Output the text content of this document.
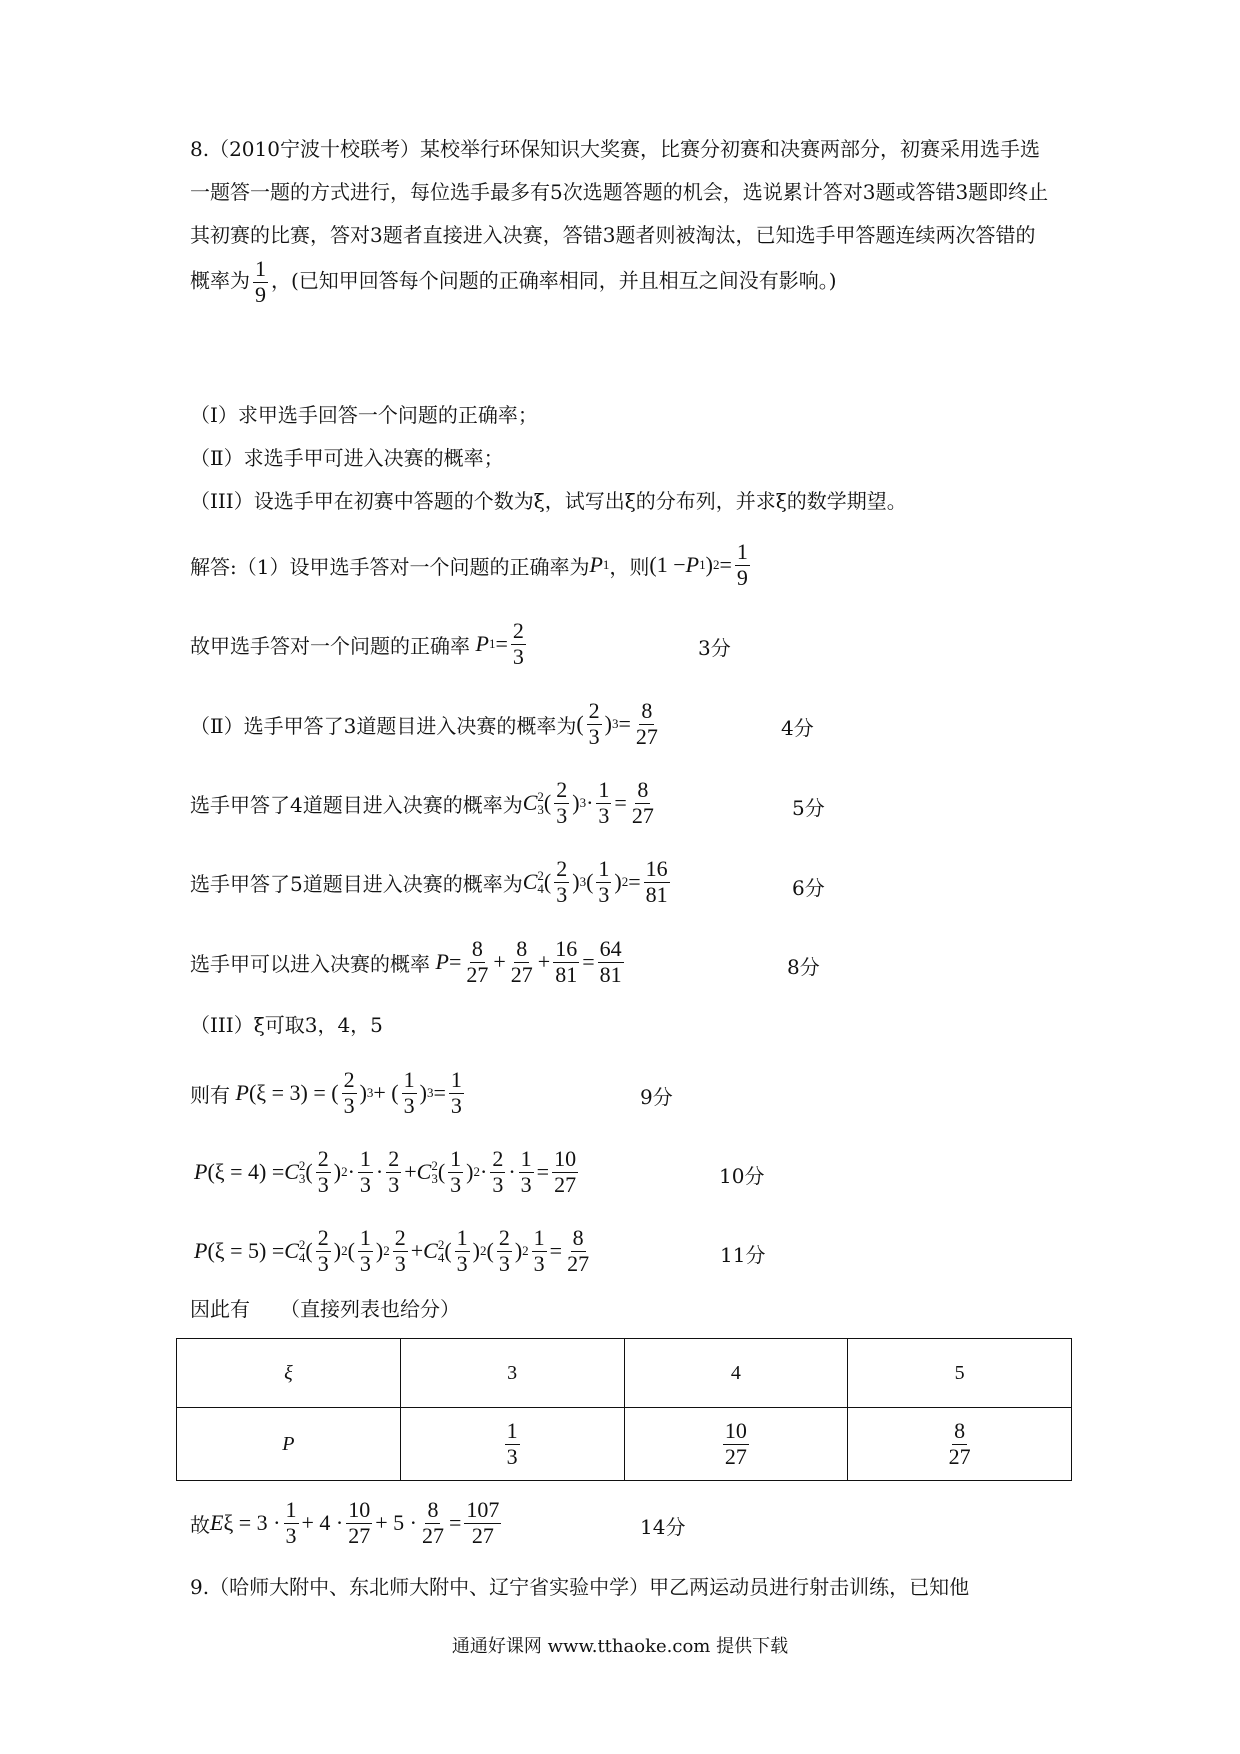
8.（2010宁波十校联考）某校举行环保知识大奖赛，比赛分初赛和决赛两部分，初赛采用选手选一题答一题的方式进行，每位选手最多有5次选题答题的机会，选说累计答对3题或答错3题即终止其初赛的比赛，答对3题者直接进入决赛，答错3题者则被淘汰，已知选手甲答题连续两次答错的概率为 $\frac{1}{9}$ ，(已知甲回答每个问题的正确率相同，并且相互之间没有影响。)

（I）求甲选手回答一个问题的正确率；

（Ⅱ）求选手甲可进入决赛的概率；

（III）设选手甲在初赛中答题的个数为ξ，试写出ξ的分布列，并求ξ的数学期望。

解答:（1）设甲选手答对一个问题的正确率为 P 1 ，则 (1 − P 1 ) $2 = \frac{1}{9}$
故甲选手答对一个问题的正确率
P $1 = \frac{2}{3}$	3分
（Ⅱ）选手甲答了3道题目进入决赛的概率为 ( $\frac{2}{3}$ ) $3 = \frac{8}{27}$	4分
选手甲答了4道题目进入决赛的概率为 C 2
3 ( $\frac{2}{3}$ ) $3 \cdot \frac{1}{3} = \frac{8}{27}$	5分
选手甲答了5道题目进入决赛的概率为 C 2
4 ( $\frac{2}{3}$ ) 3 ( $\frac{1}{3}$ ) $2 = \frac{16}{81}$	6分
选手甲可以进入决赛的概率
$P = \frac{8}{27} + \frac{8}{27} + \frac{16}{81} = \frac{64}{81}$	8分

（III）ξ可取3，4，5

则有
P (ξ = 3) = ( $\frac{2}{3}$ ) 3 + ( $\frac{1}{3}$ ) $3 = \frac{1}{3}$	9分
P (ξ = 4) = C 2
3 ( $\frac{2}{3}$ ) $2 \cdot \frac{1}{3} \cdot \frac{2}{3} + C$ 2
3 ( $\frac{1}{3}$ ) $2 \cdot \frac{2}{3} \cdot \frac{1}{3} = \frac{10}{27}$	10分
P (ξ = 5) = C 2
4 ( $\frac{2}{3}$ ) 2 ( $\frac{1}{3}$ ) $2 \frac{2}{3} + C$ 2
4 ( $\frac{1}{3}$ ) 2 ( $\frac{2}{3}$ ) $2 \frac{1}{3} = \frac{8}{27}$	11分

因此有　　（直接列表也给分）

ξ	3	4	5
P	$\frac{1}{3}$	$\frac{10}{27}$	$\frac{8}{27}$
故 E $\xi = 3 \cdot \frac{1}{3} + 4 \cdot \frac{10}{27} + 5 \cdot \frac{8}{27} = \frac{107}{27}$	14分

9.（哈师大附中、东北师大附中、辽宁省实验中学）甲乙两运动员进行射击训练，已知他

通通好课网 www.tthaoke.com 提供下载
